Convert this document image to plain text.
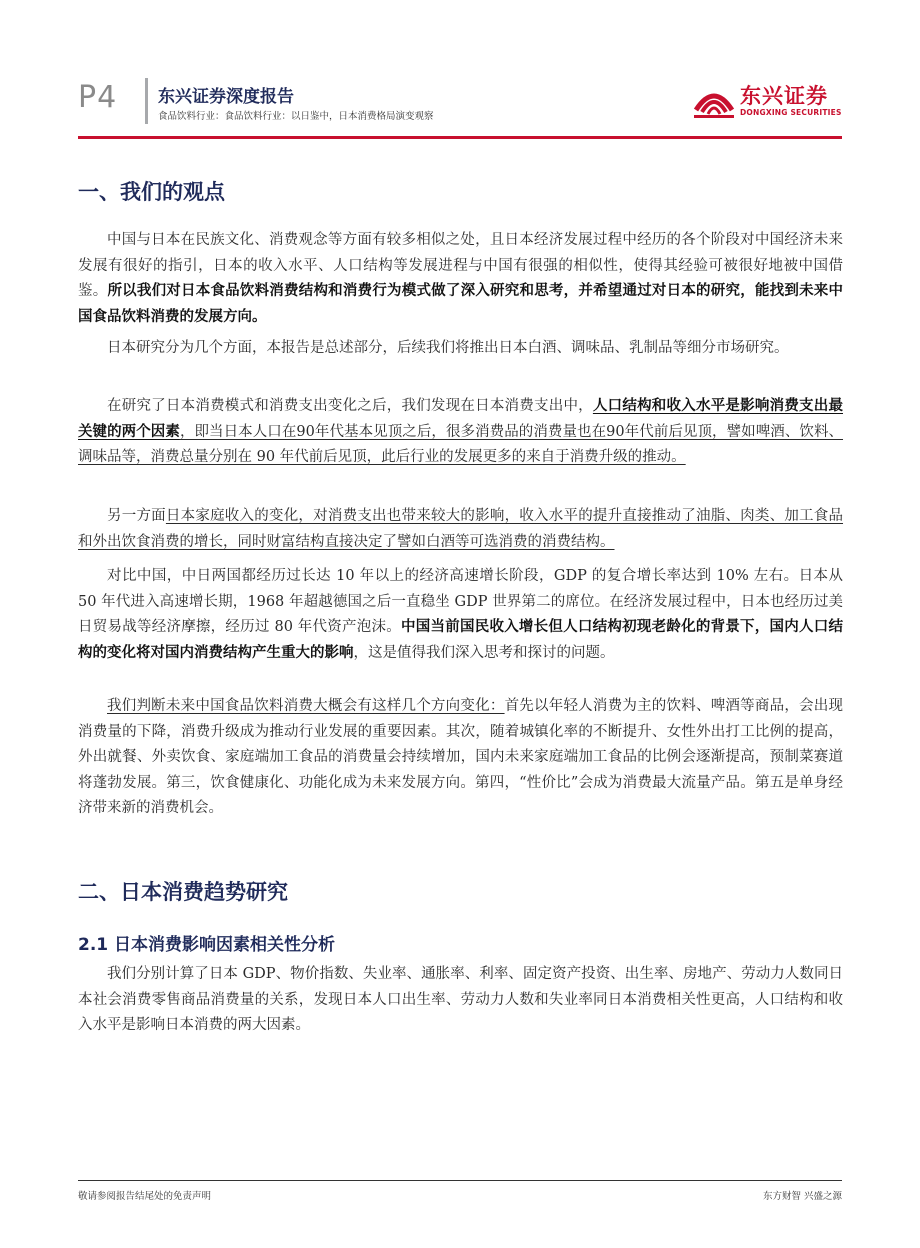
P4 东兴证券深度报告
食品饮料行业：食品饮料行业：以日鉴中，日本消费格局演变观察
东兴证券
DONGXING SECURITIES
一、我们的观点
中国与日本在民族文化、消费观念等方面有较多相似之处，且日本经济发展过程中经历的各个阶段对中国经济未来发展有很好的指引，日本的收入水平、人口结构等发展进程与中国有很强的相似性，使得其经验可被很好地被中国借鉴。所以我们对日本食品饮料消费结构和消费行为模式做了深入研究和思考，并希望通过对日本的研究，能找到未来中国食品饮料消费的发展方向。
日本研究分为几个方面，本报告是总述部分，后续我们将推出日本白酒、调味品、乳制品等细分市场研究。
在研究了日本消费模式和消费支出变化之后，我们发现在日本消费支出中，人口结构和收入水平是影响消费支出最关键的两个因素，即当日本人口在90年代基本见顶之后，很多消费品的消费量也在90年代前后见顶，譬如啤酒、饮料、调味品等，消费总量分别在 90 年代前后见顶，此后行业的发展更多的来自于消费升级的推动。
另一方面日本家庭收入的变化，对消费支出也带来较大的影响，收入水平的提升直接推动了油脂、肉类、加工食品和外出饮食消费的增长，同时财富结构直接决定了譬如白酒等可选消费的消费结构。
对比中国，中日两国都经历过长达 10 年以上的经济高速增长阶段，GDP 的复合增长率达到 10% 左右。日本从 50 年代进入高速增长期，1968 年超越德国之后一直稳坐 GDP 世界第二的席位。在经济发展过程中，日本也经历过美日贸易战等经济摩擦，经历过 80 年代资产泡沫。中国当前国民收入增长但人口结构初现老龄化的背景下，国内人口结构的变化将对国内消费结构产生重大的影响，这是值得我们深入思考和探讨的问题。
我们判断未来中国食品饮料消费大概会有这样几个方向变化：首先以年轻人消费为主的饮料、啤酒等商品，会出现消费量的下降，消费升级成为推动行业发展的重要因素。其次，随着城镇化率的不断提升、女性外出打工比例的提高，外出就餐、外卖饮食、家庭端加工食品的消费量会持续增加，国内未来家庭端加工食品的比例会逐渐提高，预制菜赛道将蓬勃发展。第三，饮食健康化、功能化成为未来发展方向。第四，“性价比”会成为消费最大流量产品。第五是单身经济带来新的消费机会。
二、日本消费趋势研究
2.1 日本消费影响因素相关性分析
我们分别计算了日本 GDP、物价指数、失业率、通胀率、利率、固定资产投资、出生率、房地产、劳动力人数同日本社会消费零售商品消费量的关系，发现日本人口出生率、劳动力人数和失业率同日本消费相关性更高，人口结构和收入水平是影响日本消费的两大因素。
敬请参阅报告结尾处的免责声明	东方财智 兴盛之源
